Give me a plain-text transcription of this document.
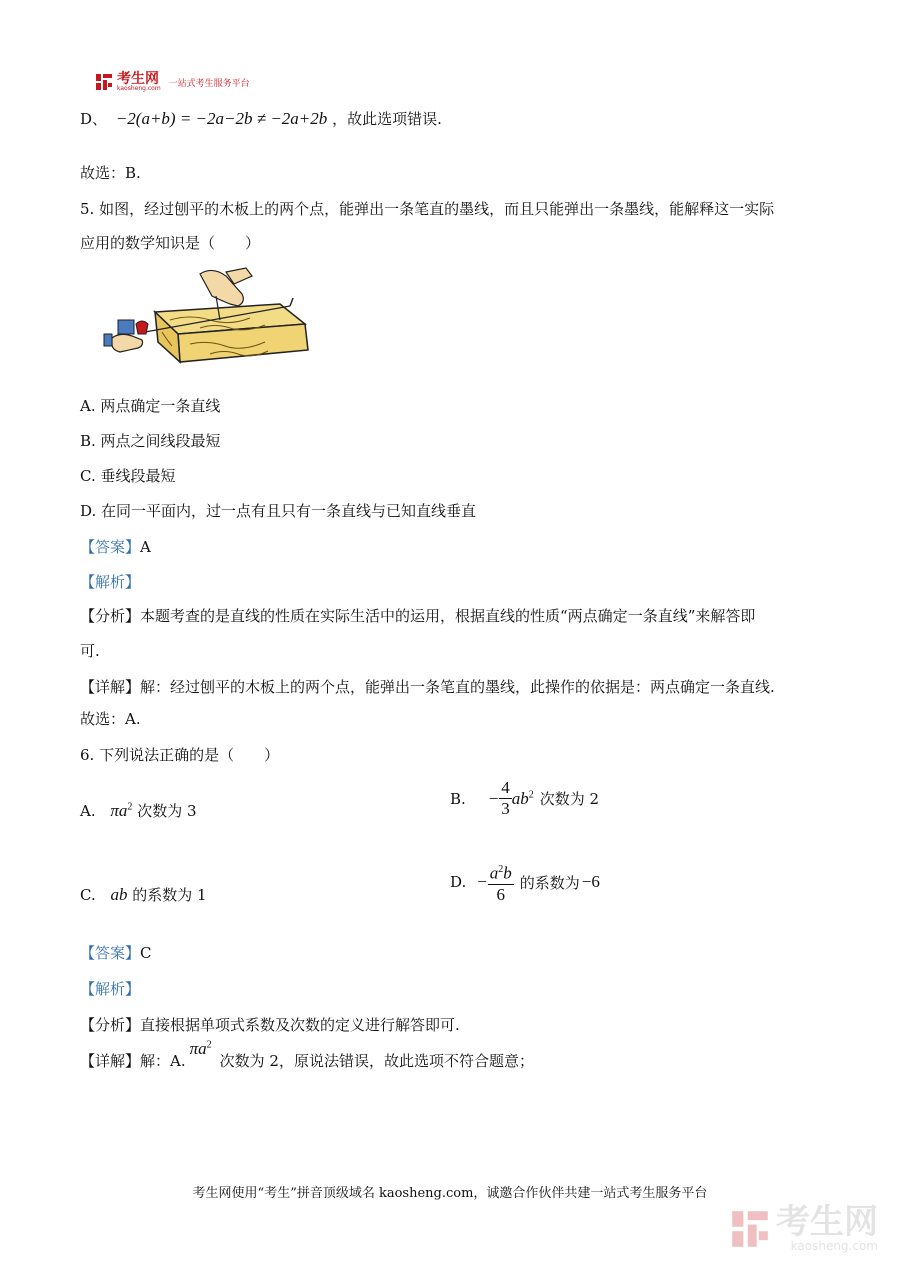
考生网
kaosheng.com 一站式考生服务平台
D、 −2(a+b) = −2a−2b ≠ −2a+2b ，故此选项错误.
故选：B.
5. 如图，经过刨平的木板上的两个点，能弹出一条笔直的墨线，而且只能弹出一条墨线，能解释这一实际
应用的数学知识是（　　）
A. 两点确定一条直线
B. 两点之间线段最短
C. 垂线段最短
D. 在同一平面内，过一点有且只有一条直线与已知直线垂直
【答案】A
【解析】
【分析】本题考查的是直线的性质在实际生活中的运用，根据直线的性质“两点确定一条直线”来解答即
可.
【详解】解：经过刨平的木板上的两个点，能弹出一条笔直的墨线，此操作的依据是：两点确定一条直线.
故选：A.
6. 下列说法正确的是（　　）
A. $\pi a^2$ 次数为 3
B. − $\frac{4}{3} ab^2$ 次数为 2
C. ab 的系数为 1
D. − $\frac{a^2b}{6}$ 的系数为 −6
【答案】C
【解析】
【分析】直接根据单项式系数及次数的定义进行解答即可.
【详解】 解：A.
$\pi a^2$
次数为 2，原说法错误，故此选项不符合题意；
考生网使用“考生”拼音顶级域名 kaosheng.com，诚邀合作伙伴共建一站式考生服务平台
考生网
kaosheng.com
